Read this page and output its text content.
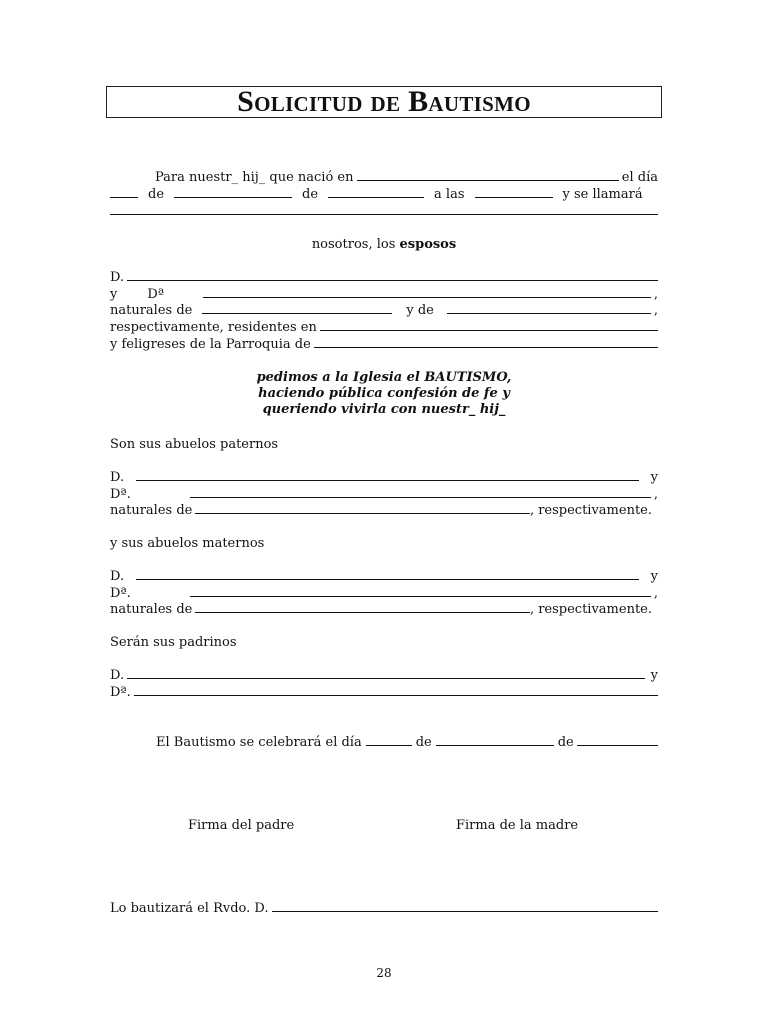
Solicitud de Bautismo
Para nuestr_ hij_ que nació en	el día
de	de	a las	y se llamará
nosotros, los
esposos
D.
y Dª	,
naturales de	y de	,
respectivamente, residentes en
y feligreses de la Parroquia de
pedimos a la Iglesia el BAUTISMO,
haciendo pública confesión de fe y
queriendo vivirla con nuestr_ hij_
Son sus abuelos paternos
D.	y
Dª.	,
naturales de	, respectivamente.
y sus abuelos maternos
D.	y
Dª.	,
naturales de	, respectivamente.
Serán sus padrinos
D.	y
Dª.
El Bautismo se celebrará el día	de	de
Firma del padre	Firma de la madre
Lo bautizará el Rvdo. D.
28
